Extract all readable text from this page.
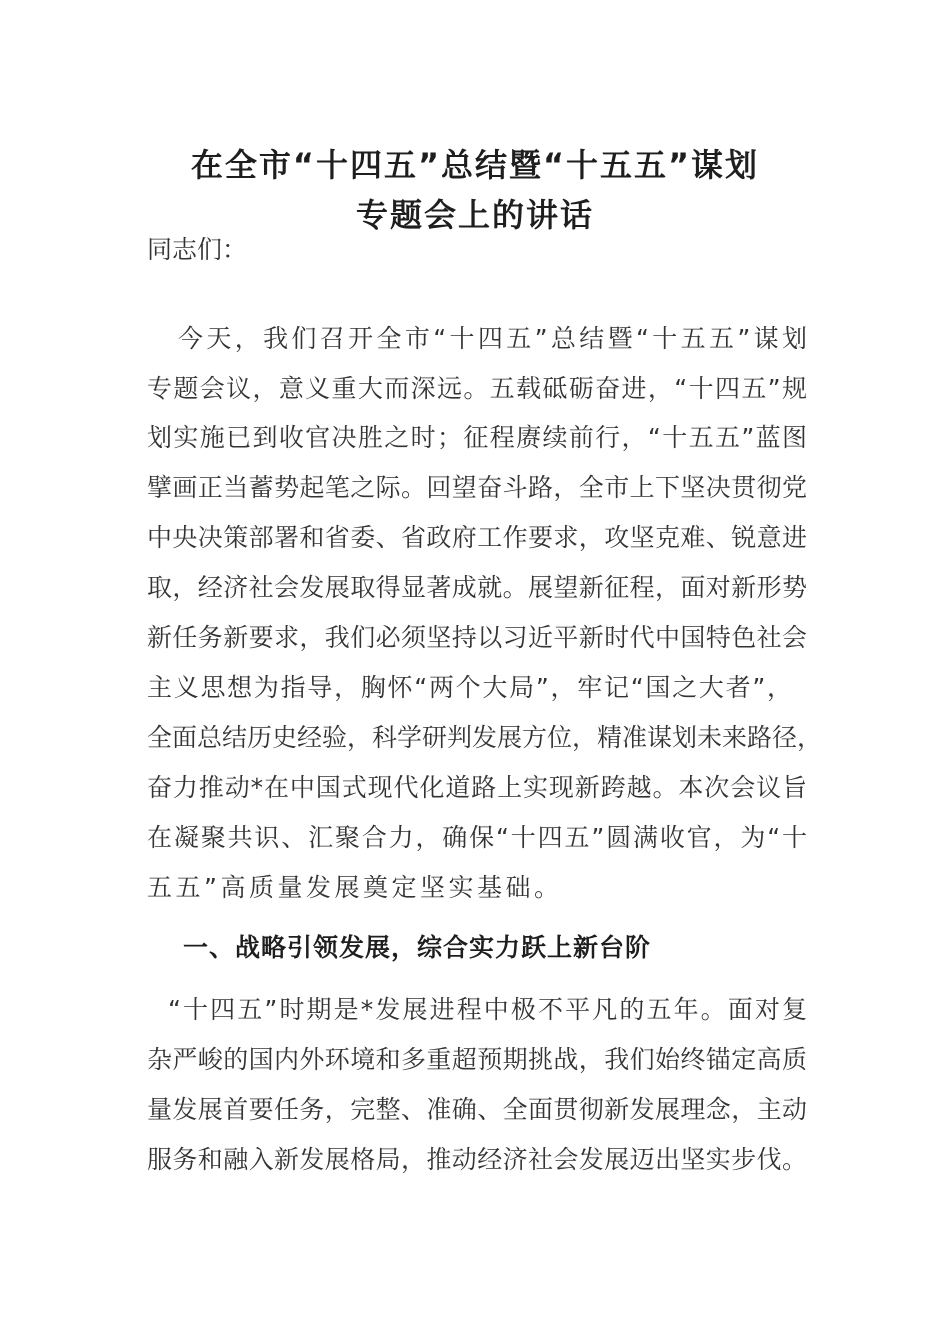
在全市“十四五”总结暨“十五五”谋划
专题会上的讲话
同志们：
今天，我们召开全市“十四五”总结暨“十五五”谋划
专题会议，意义重大而深远。五载砥砺奋进，“十四五”规
划实施已到收官决胜之时；征程赓续前行，“十五五”蓝图
擘画正当蓄势起笔之际。回望奋斗路，全市上下坚决贯彻党
中央决策部署和省委、省政府工作要求，攻坚克难、锐意进
取，经济社会发展取得显著成就。展望新征程，面对新形势
新任务新要求，我们必须坚持以习近平新时代中国特色社会
主义思想为指导，胸怀“两个大局”，牢记“国之大者”，
全面总结历史经验，科学研判发展方位，精准谋划未来路径，
奋力推动*在中国式现代化道路上实现新跨越。本次会议旨
在凝聚共识、汇聚合力，确保“十四五”圆满收官，为“十
五五”高质量发展奠定坚实基础。
一、战略引领发展，综合实力跃上新台阶
“十四五”时期是*发展进程中极不平凡的五年。面对复
杂严峻的国内外环境和多重超预期挑战，我们始终锚定高质
量发展首要任务，完整、准确、全面贯彻新发展理念，主动
服务和融入新发展格局，推动经济社会发展迈出坚实步伐。
